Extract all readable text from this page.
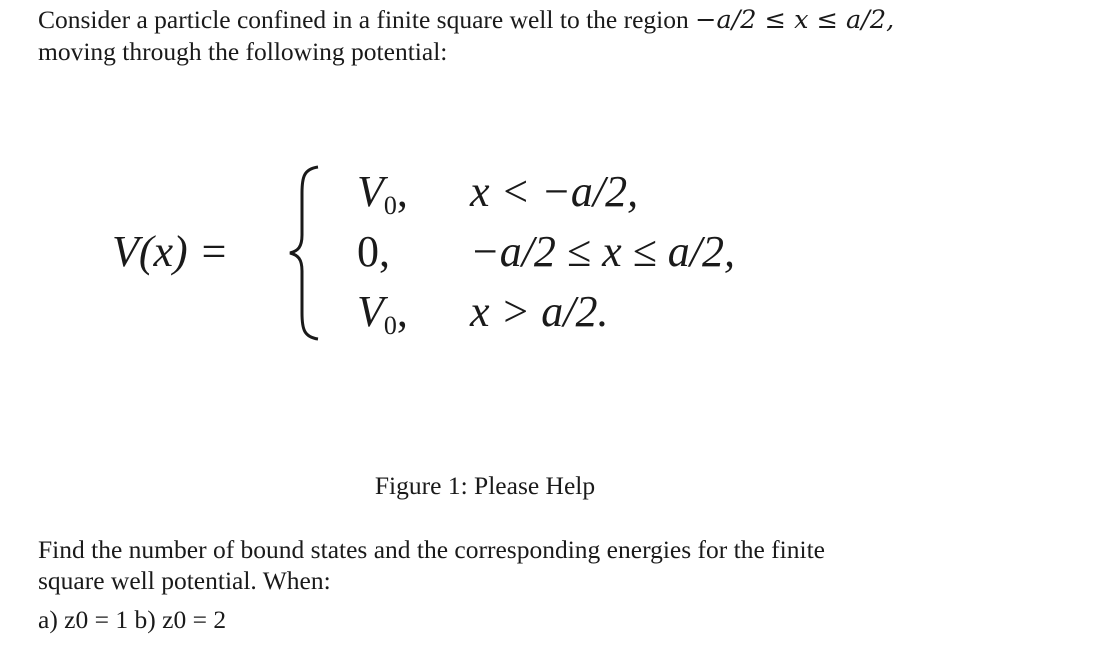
Consider a particle confined in a finite square well to the region −a/2 ≤ x ≤ a/2,
moving through the following potential:
V(x) =
$V_0$, x < −a/2,
0, −a/2 ≤ x ≤ a/2,
$V_0$, x > a/2.
Figure 1: Please Help
Find the number of bound states and the corresponding energies for the finite
square well potential. When:
a) z0 = 1 b) z0 = 2
